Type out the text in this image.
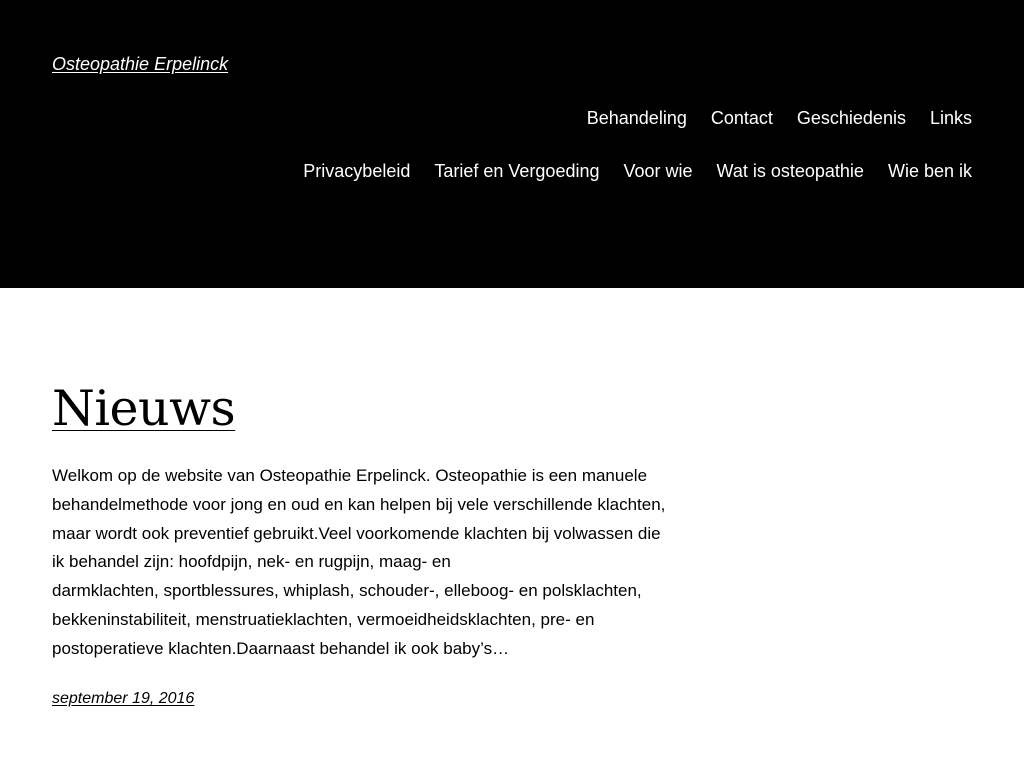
Osteopathie Erpelinck
Behandeling Contact Geschiedenis Links
Privacybeleid Tarief en Vergoeding Voor wie Wat is osteopathie Wie ben ik
Nieuws

Welkom op de website van Osteopathie Erpelinck. Osteopathie is een manuele
behandelmethode voor jong en oud en kan helpen bij vele verschillende klachten,
maar wordt ook preventief gebruikt.Veel voorkomende klachten bij volwassen die
ik behandel zijn: hoofdpijn, nek- en rugpijn, maag- en
darmklachten, sportblessures, whiplash, schouder-, elleboog- en polsklachten,
bekkeninstabiliteit, menstruatieklachten, vermoeidheidsklachten, pre- en
postoperatieve klachten.Daarnaast behandel ik ook baby’s…

september 19, 2016
